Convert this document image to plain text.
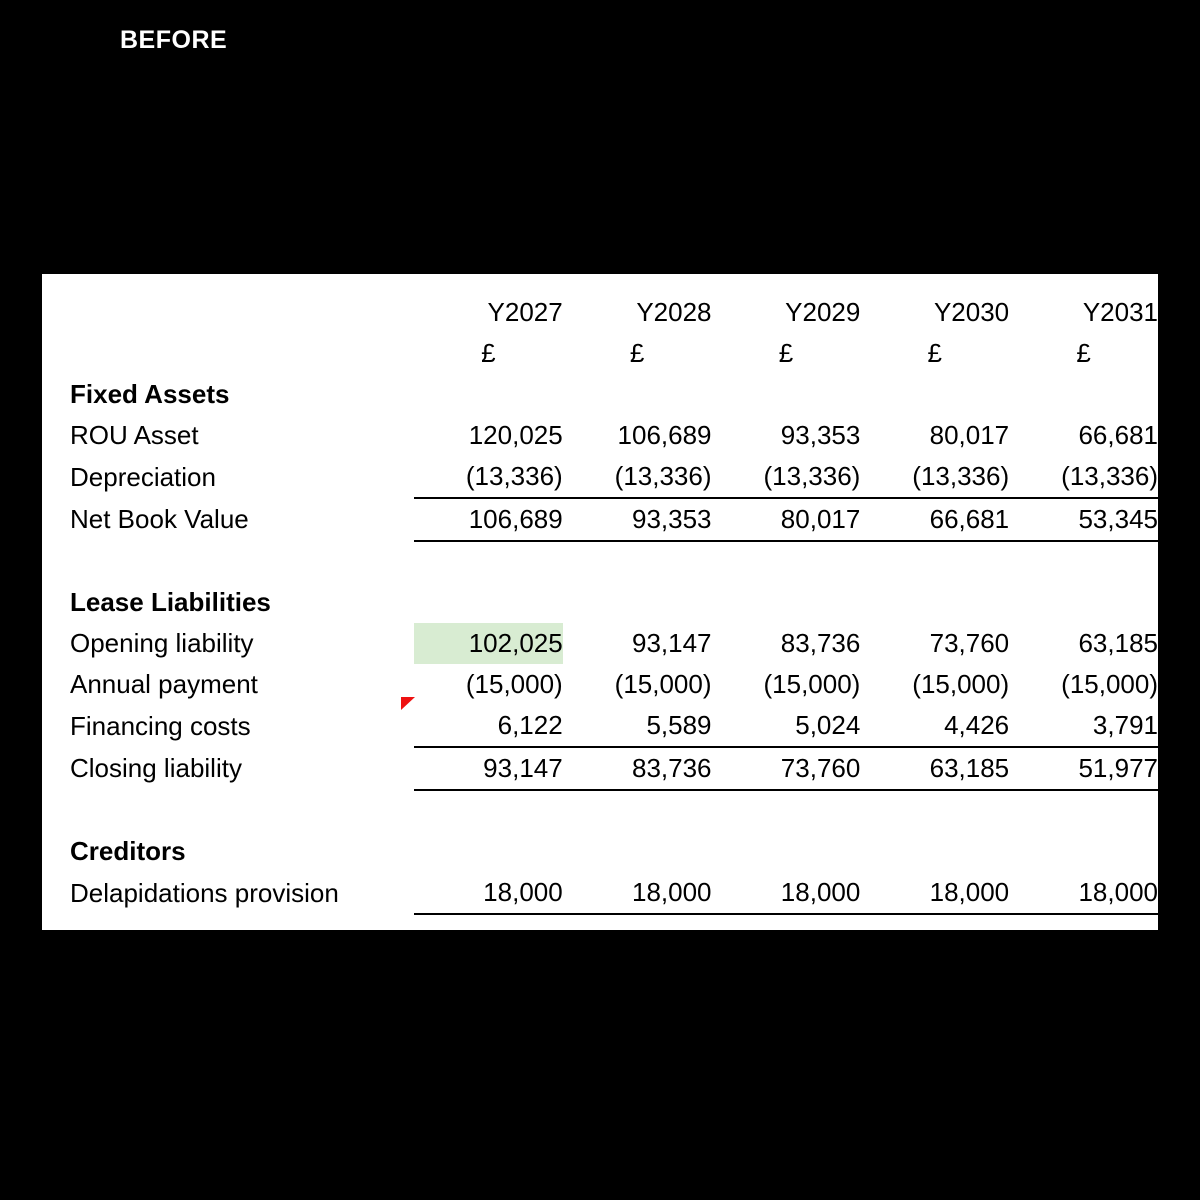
BEFORE
	Y2027	Y2028	Y2029	Y2030	Y2031
	£	£	£	£	£
Fixed Assets					
ROU Asset	120,025	106,689	93,353	80,017	66,681
Depreciation	(13,336)	(13,336)	(13,336)	(13,336)	(13,336)
Net Book Value	106,689	93,353	80,017	66,681	53,345

Lease Liabilities					
Opening liability	102,025	93,147	83,736	73,760	63,185
Annual payment	(15,000)	(15,000)	(15,000)	(15,000)	(15,000)
Financing costs	6,122	5,589	5,024	4,426	3,791
Closing liability	93,147	83,736	73,760	63,185	51,977

Creditors					
Delapidations provision	18,000	18,000	18,000	18,000	18,000
